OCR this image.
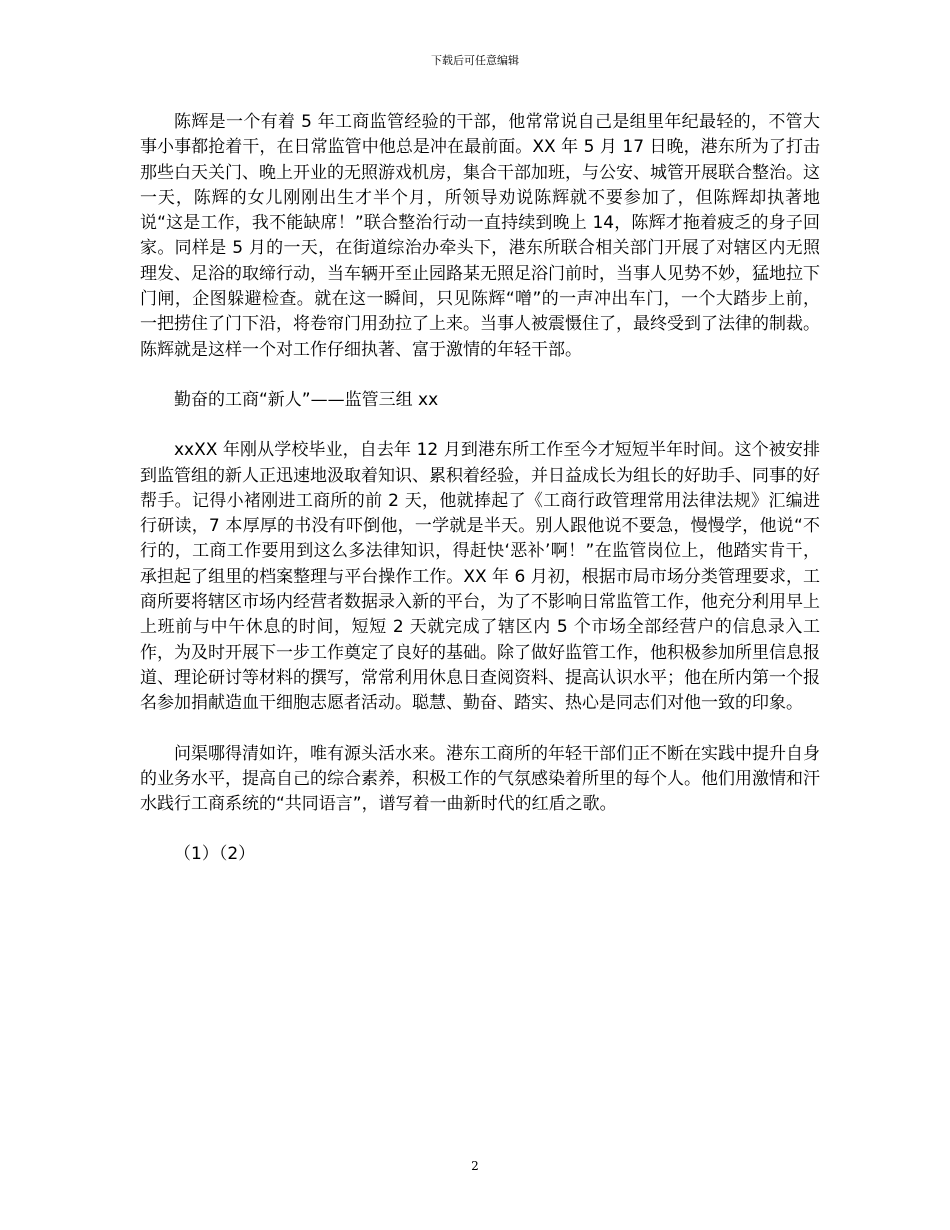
下载后可任意编辑

陈辉是一个有着 5 年工商监管经验的干部，他常常说自己是组里年纪最轻的，不管大事小事都抢着干，在日常监管中他总是冲在最前面。XX 年 5 月 17 日晚，港东所为了打击那些白天关门、晚上开业的无照游戏机房，集合干部加班，与公安、城管开展联合整治。这一天，陈辉的女儿刚刚出生才半个月，所领导劝说陈辉就不要参加了，但陈辉却执著地说“这是工作，我不能缺席！”联合整治行动一直持续到晚上 14，陈辉才拖着疲乏的身子回家。同样是 5 月的一天，在街道综治办牵头下，港东所联合相关部门开展了对辖区内无照理发、足浴的取缔行动，当车辆开至止园路某无照足浴门前时，当事人见势不妙，猛地拉下门闸，企图躲避检查。就在这一瞬间，只见陈辉“噌”的一声冲出车门，一个大踏步上前，一把捞住了门下沿，将卷帘门用劲拉了上来。当事人被震慑住了，最终受到了法律的制裁。陈辉就是这样一个对工作仔细执著、富于激情的年轻干部。

勤奋的工商“新人”——监管三组 xx

xxXX 年刚从学校毕业，自去年 12 月到港东所工作至今才短短半年时间。这个被安排到监管组的新人正迅速地汲取着知识、累积着经验，并日益成长为组长的好助手、同事的好帮手。记得小褚刚进工商所的前 2 天，他就捧起了《工商行政管理常用法律法规》汇编进行研读，7 本厚厚的书没有吓倒他，一学就是半天。别人跟他说不要急，慢慢学，他说“不行的，工商工作要用到这么多法律知识，得赶快‘恶补’啊！”在监管岗位上，他踏实肯干，承担起了组里的档案整理与平台操作工作。XX 年 6 月初，根据市局市场分类管理要求，工商所要将辖区市场内经营者数据录入新的平台，为了不影响日常监管工作，他充分利用早上上班前与中午休息的时间，短短 2 天就完成了辖区内 5 个市场全部经营户的信息录入工作，为及时开展下一步工作奠定了良好的基础。除了做好监管工作，他积极参加所里信息报道、理论研讨等材料的撰写，常常利用休息日查阅资料、提高认识水平；他在所内第一个报名参加捐献造血干细胞志愿者活动。聪慧、勤奋、踏实、热心是同志们对他一致的印象。

问渠哪得清如许，唯有源头活水来。港东工商所的年轻干部们正不断在实践中提升自身的业务水平，提高自己的综合素养，积极工作的气氛感染着所里的每个人。他们用激情和汗水践行工商系统的“共同语言”，谱写着一曲新时代的红盾之歌。

（1）（2）

2
